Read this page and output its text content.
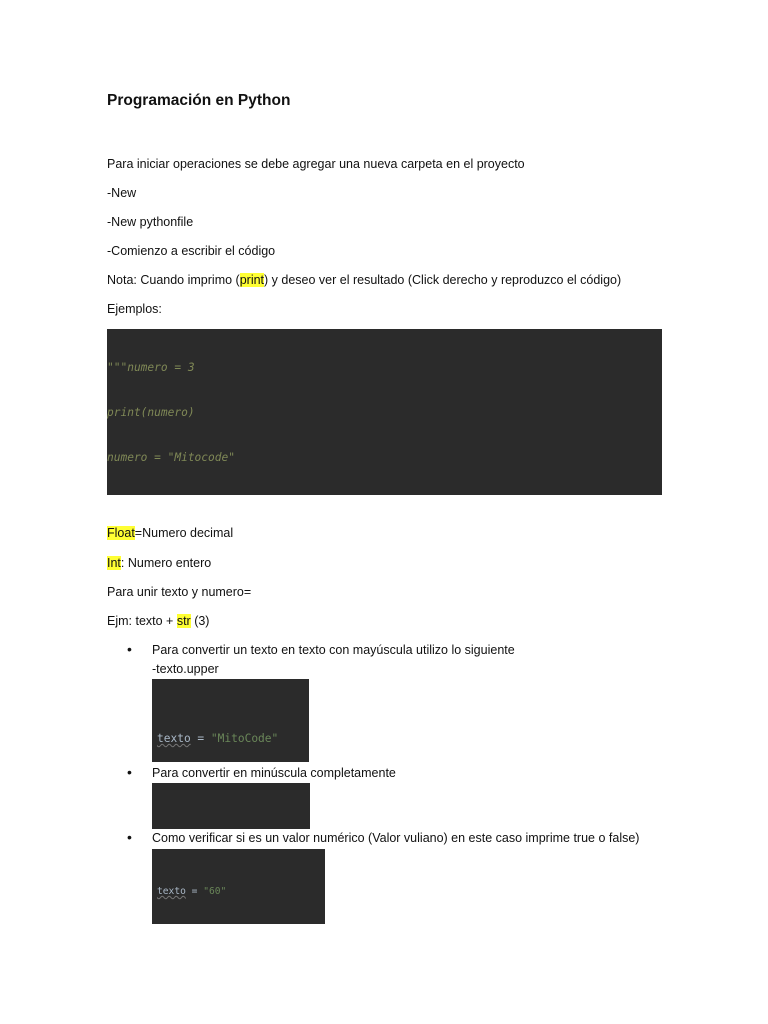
Programación en Python
Para iniciar operaciones se debe agregar una nueva carpeta en el proyecto
-New
-New pythonfile
-Comienzo a escribir el código
Nota: Cuando imprimo (print) y deseo ver el resultado (Click derecho y reproduzco el código)
Ejemplos:

"""numero = 3

print(numero)

numero = "Mitocode"

Float=Numero decimal
Int: Numero entero
Para unir texto y numero=
Ejm: texto + str (3)
• Para convertir un texto en texto con mayúscula utilizo lo siguiente
-texto.upper

texto = "MitoCode"

• Para convertir en minúscula completamente

• Como verificar si es un valor numérico (Valor vuliano) en este caso imprime true o false)

texto = "60"
